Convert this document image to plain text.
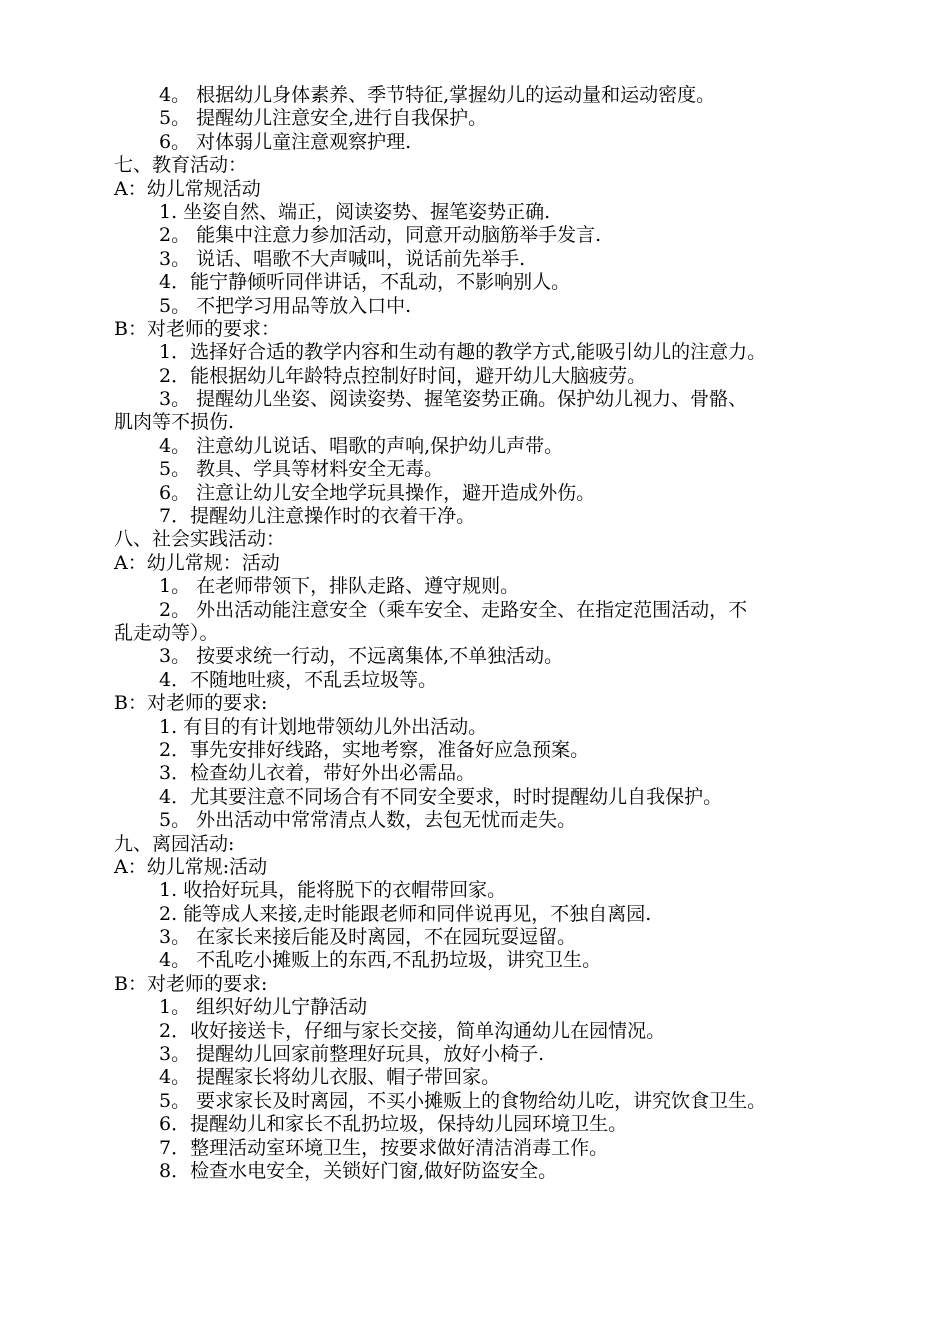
4。 根据幼儿身体素养、季节特征,掌握幼儿的运动量和运动密度。
5。 提醒幼儿注意安全,进行自我保护。
6。 对体弱儿童注意观察护理.
七、教育活动：
A：幼儿常规活动
1. 坐姿自然、端正，阅读姿势、握笔姿势正确.
2。 能集中注意力参加活动，同意开动脑筋举手发言.
3。 说话、唱歌不大声喊叫，说话前先举手.
4．能宁静倾听同伴讲话，不乱动，不影响别人。
5。 不把学习用品等放入口中.
B：对老师的要求：
1．选择好合适的教学内容和生动有趣的教学方式,能吸引幼儿的注意力。
2．能根据幼儿年龄特点控制好时间，避开幼儿大脑疲劳。
3。 提醒幼儿坐姿、阅读姿势、握笔姿势正确。保护幼儿视力、骨骼、
肌肉等不损伤.
4。 注意幼儿说话、唱歌的声响,保护幼儿声带。
5。 教具、学具等材料安全无毒。
6。 注意让幼儿安全地学玩具操作，避开造成外伤。
7．提醒幼儿注意操作时的衣着干净。
八、社会实践活动：
A：幼儿常规：活动
1。 在老师带领下，排队走路、遵守规则。
2。 外出活动能注意安全（乘车安全、走路安全、在指定范围活动，不
乱走动等）。
3。 按要求统一行动，不远离集体,不单独活动。
4．不随地吐痰，不乱丢垃圾等。
B：对老师的要求:
1. 有目的有计划地带领幼儿外出活动。
2．事先安排好线路，实地考察，准备好应急预案。
3．检查幼儿衣着，带好外出必需品。
4．尤其要注意不同场合有不同安全要求，时时提醒幼儿自我保护。
5。 外出活动中常常清点人数，去包无忧而走失。
九、离园活动:
A：幼儿常规:活动
1. 收拾好玩具，能将脱下的衣帽带回家。
2. 能等成人来接,走时能跟老师和同伴说再见，不独自离园.
3。 在家长来接后能及时离园，不在园玩耍逗留。
4。 不乱吃小摊贩上的东西,不乱扔垃圾，讲究卫生。
B：对老师的要求:
1。 组织好幼儿宁静活动
2．收好接送卡，仔细与家长交接，简单沟通幼儿在园情况。
3。 提醒幼儿回家前整理好玩具，放好小椅子.
4。 提醒家长将幼儿衣服、帽子带回家。
5。 要求家长及时离园，不买小摊贩上的食物给幼儿吃，讲究饮食卫生。
6．提醒幼儿和家长不乱扔垃圾，保持幼儿园环境卫生。
7．整理活动室环境卫生，按要求做好清洁消毒工作。
8．检查水电安全，关锁好门窗,做好防盗安全。
